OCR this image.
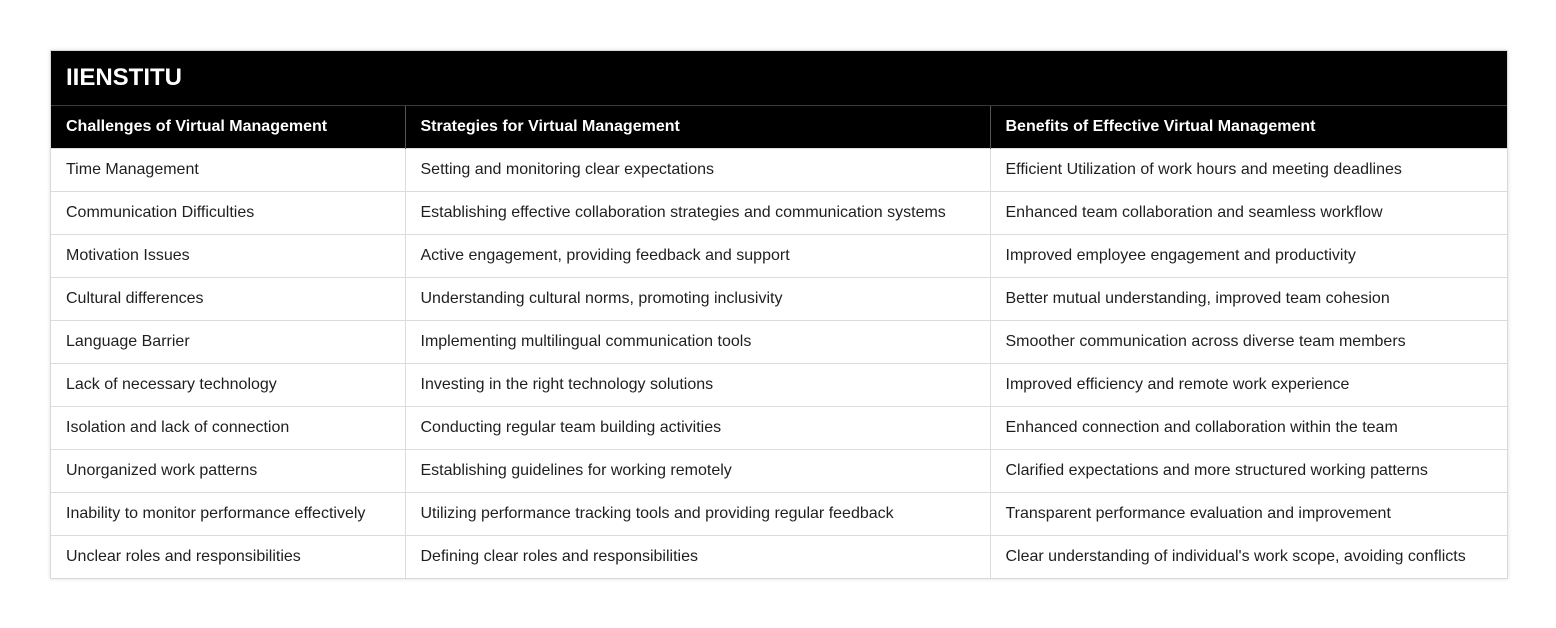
IIENSTITU
Challenges of Virtual Management	Strategies for Virtual Management	Benefits of Effective Virtual Management
Time Management	Setting and monitoring clear expectations	Efficient Utilization of work hours and meeting deadlines
Communication Difficulties	Establishing effective collaboration strategies and communication systems	Enhanced team collaboration and seamless workflow
Motivation Issues	Active engagement, providing feedback and support	Improved employee engagement and productivity
Cultural differences	Understanding cultural norms, promoting inclusivity	Better mutual understanding, improved team cohesion
Language Barrier	Implementing multilingual communication tools	Smoother communication across diverse team members
Lack of necessary technology	Investing in the right technology solutions	Improved efficiency and remote work experience
Isolation and lack of connection	Conducting regular team building activities	Enhanced connection and collaboration within the team
Unorganized work patterns	Establishing guidelines for working remotely	Clarified expectations and more structured working patterns
Inability to monitor performance effectively	Utilizing performance tracking tools and providing regular feedback	Transparent performance evaluation and improvement
Unclear roles and responsibilities	Defining clear roles and responsibilities	Clear understanding of individual's work scope, avoiding conflicts
